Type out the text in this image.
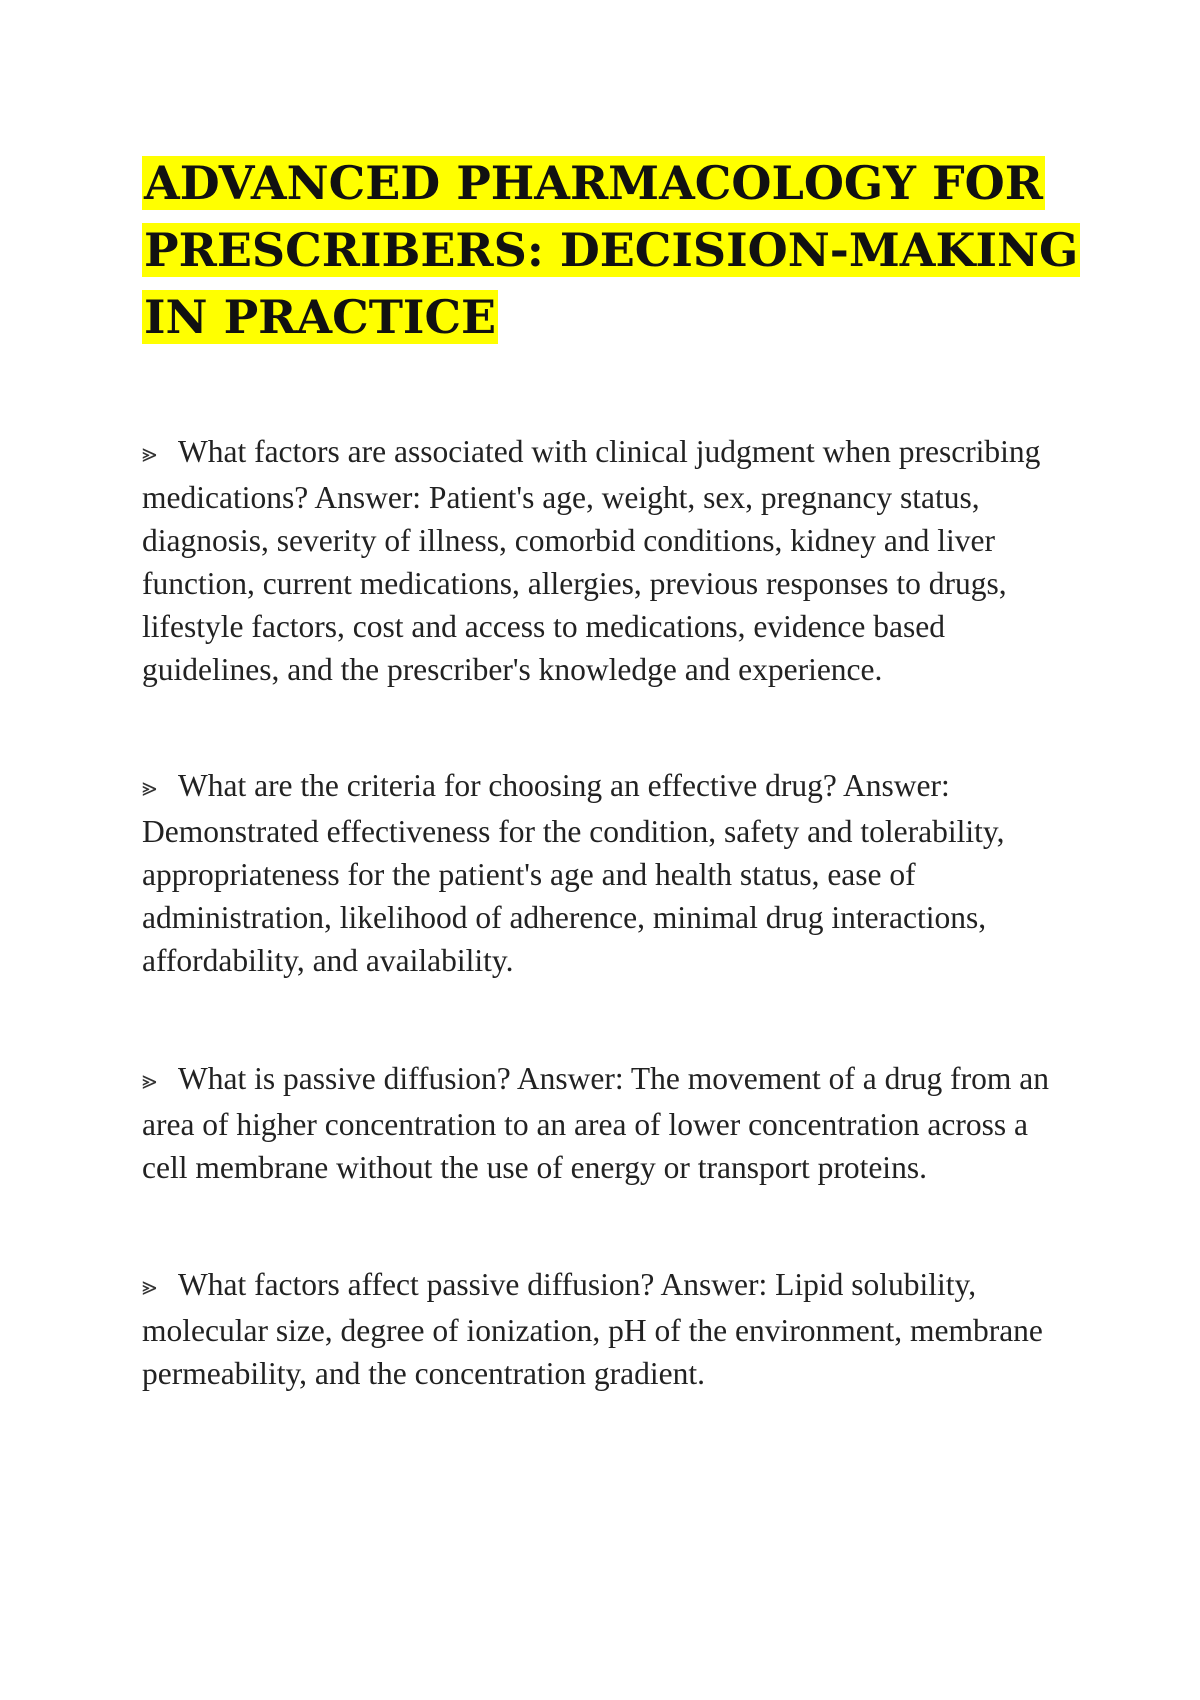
ADVANCED PHARMACOLOGY FOR PRESCRIBERS: DECISION-MAKING IN PRACTICE

⪢ What factors are associated with clinical judgment when prescribing medications? Answer: Patient's age, weight, sex, pregnancy status, diagnosis, severity of illness, comorbid conditions, kidney and liver function, current medications, allergies, previous responses to drugs, lifestyle factors, cost and access to medications, evidence based guidelines, and the prescriber's knowledge and experience.

⪢ What are the criteria for choosing an effective drug? Answer: Demonstrated effectiveness for the condition, safety and tolerability, appropriateness for the patient's age and health status, ease of administration, likelihood of adherence, minimal drug interactions, affordability, and availability.

⪢ What is passive diffusion? Answer: The movement of a drug from an area of higher concentration to an area of lower concentration across a cell membrane without the use of energy or transport proteins.

⪢ What factors affect passive diffusion? Answer: Lipid solubility, molecular size, degree of ionization, pH of the environment, membrane permeability, and the concentration gradient.
